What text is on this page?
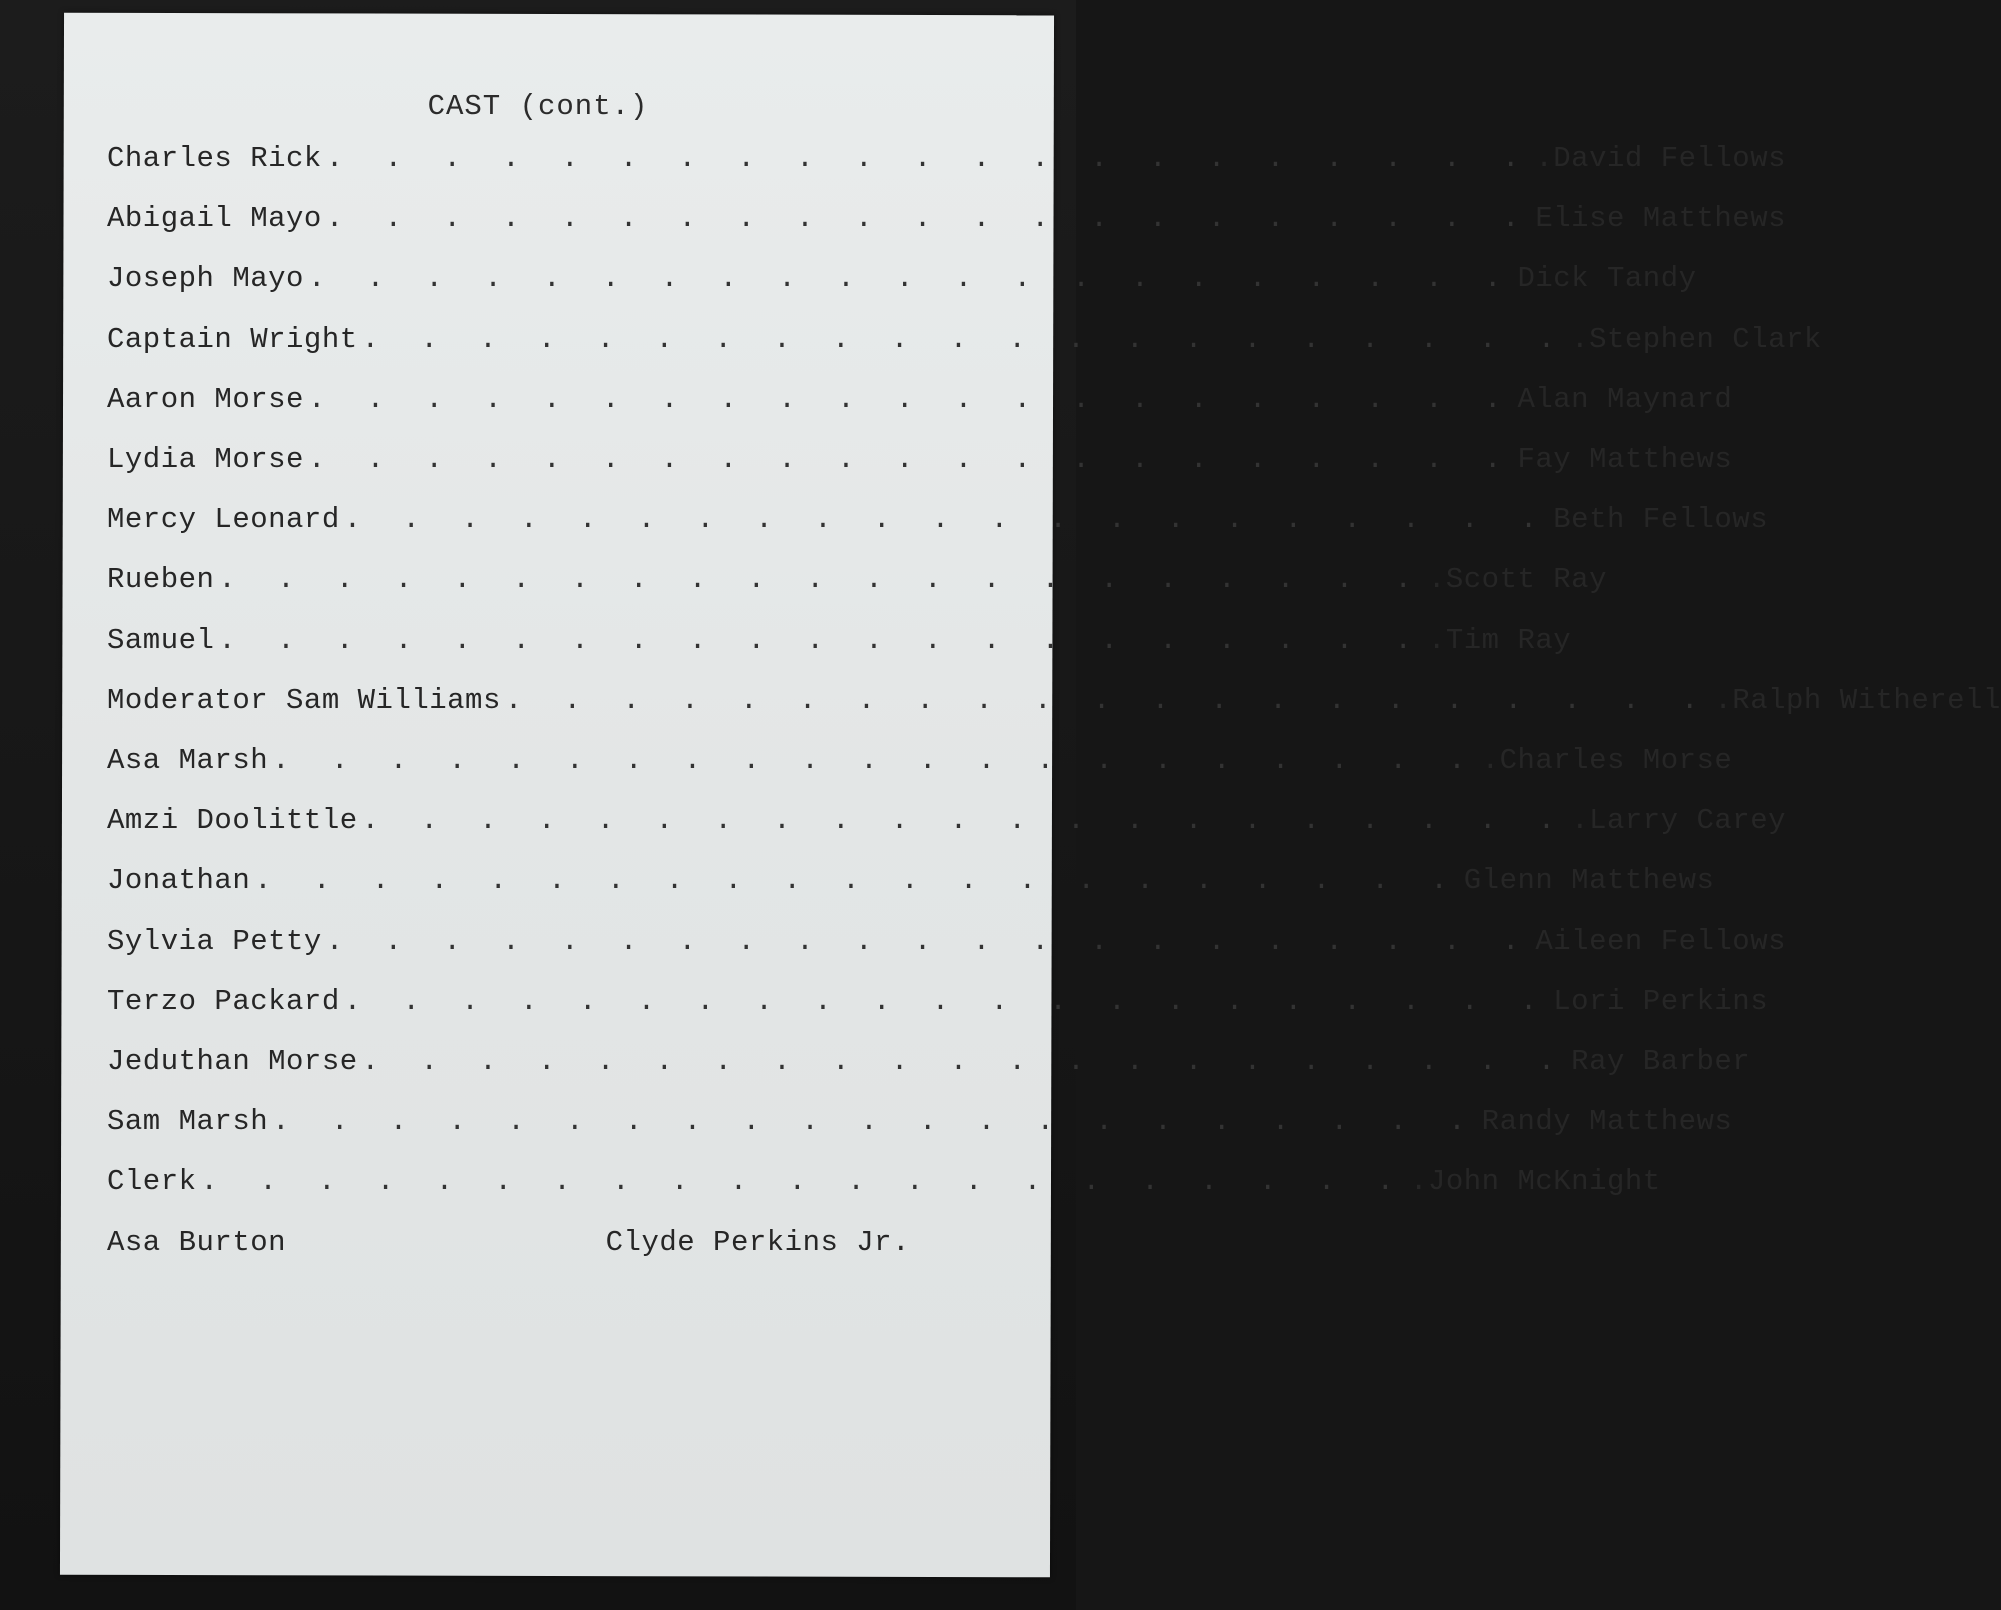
CAST (cont.)
Charles Rick . . . . . . . . . . . . . . . . . . . . . .David Fellows
Abigail Mayo . . . . . . . . . . . . . . . . . . . . . Elise Matthews
Joseph Mayo . . . . . . . . . . . . . . . . . . . . . Dick Tandy
Captain Wright . . . . . . . . . . . . . . . . . . . . . .Stephen Clark
Aaron Morse . . . . . . . . . . . . . . . . . . . . . Alan Maynard
Lydia Morse . . . . . . . . . . . . . . . . . . . . . Fay Matthews
Mercy Leonard . . . . . . . . . . . . . . . . . . . . . Beth Fellows
Rueben . . . . . . . . . . . . . . . . . . . . . .Scott Ray
Samuel . . . . . . . . . . . . . . . . . . . . . .Tim Ray
Moderator Sam Williams . . . . . . . . . . . . . . . . . . . . . .Ralph Witherell
Asa Marsh . . . . . . . . . . . . . . . . . . . . . .Charles Morse
Amzi Doolittle . . . . . . . . . . . . . . . . . . . . . .Larry Carey
Jonathan . . . . . . . . . . . . . . . . . . . . . Glenn Matthews
Sylvia Petty . . . . . . . . . . . . . . . . . . . . . Aileen Fellows
Terzo Packard . . . . . . . . . . . . . . . . . . . . . Lori Perkins
Jeduthan Morse . . . . . . . . . . . . . . . . . . . . . Ray Barber
Sam Marsh . . . . . . . . . . . . . . . . . . . . . Randy Matthews
Clerk . . . . . . . . . . . . . . . . . . . . . .John McKnight
Asa Burton	Clyde Perkins Jr.
